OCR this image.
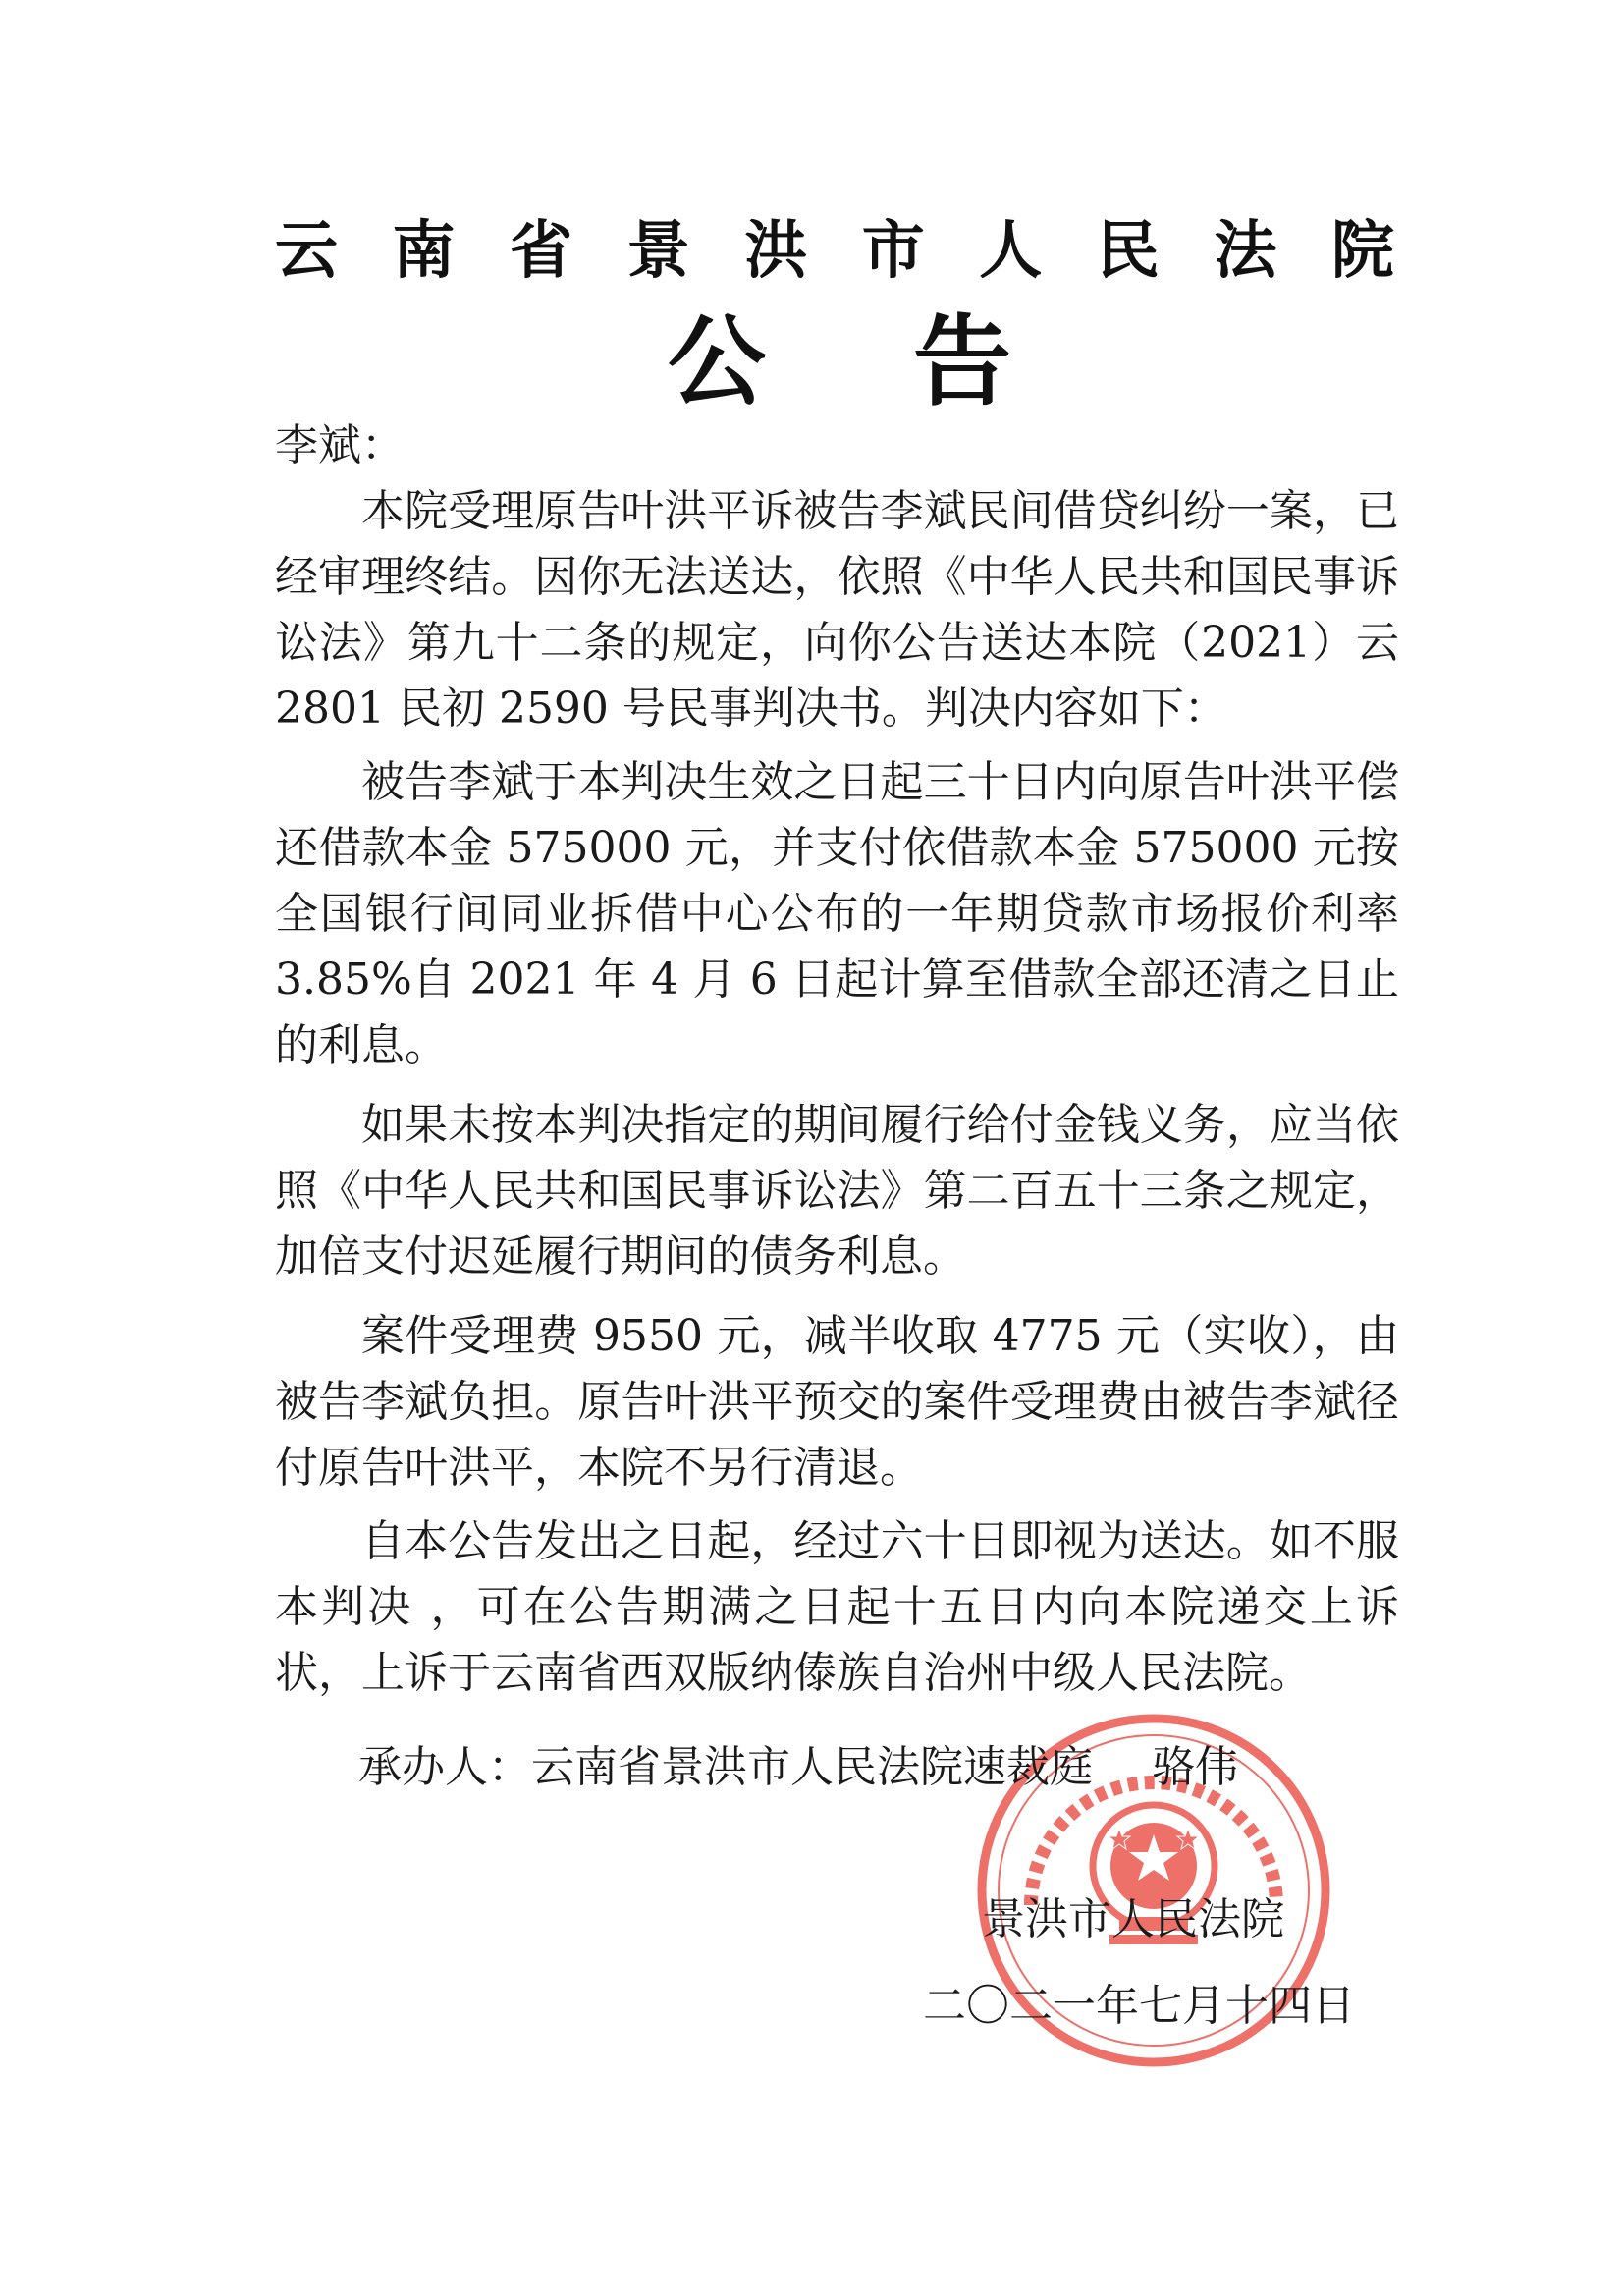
云 南 省 景 洪 市 人 民 法 院
公 告

李斌：

本院受理原告叶洪平诉被告李斌民间借贷纠纷一案，已经审理终结。因你无法送达，依照《中华人民共和国民事诉讼法》第九十二条的规定，向你公告送达本院（2021）云 2801 民初 2590 号民事判决书。判决内容如下：

被告李斌于本判决生效之日起三十日内向原告叶洪平偿还借款本金 575000 元，并支付依借款本金 575000 元按全国银行间同业拆借中心公布的一年期贷款市场报价利率 3.85%自 2021 年 4 月 6 日起计算至借款全部还清之日止的利息。

如果未按本判决指定的期间履行给付金钱义务，应当依照《中华人民共和国民事诉讼法》第二百五十三条之规定，加倍支付迟延履行期间的债务利息。

案件受理费 9550 元，减半收取 4775 元（实收），由被告李斌负担。原告叶洪平预交的案件受理费由被告李斌径付原告叶洪平，本院不另行清退。

自本公告发出之日起，经过六十日即视为送达。如不服本判决 ，可在公告期满之日起十五日内向本院递交上诉状，上诉于云南省西双版纳傣族自治州中级人民法院。

承办人：云南省景洪市人民法院速裁庭 骆伟
景洪市人民法院
二〇二一年七月十四日
